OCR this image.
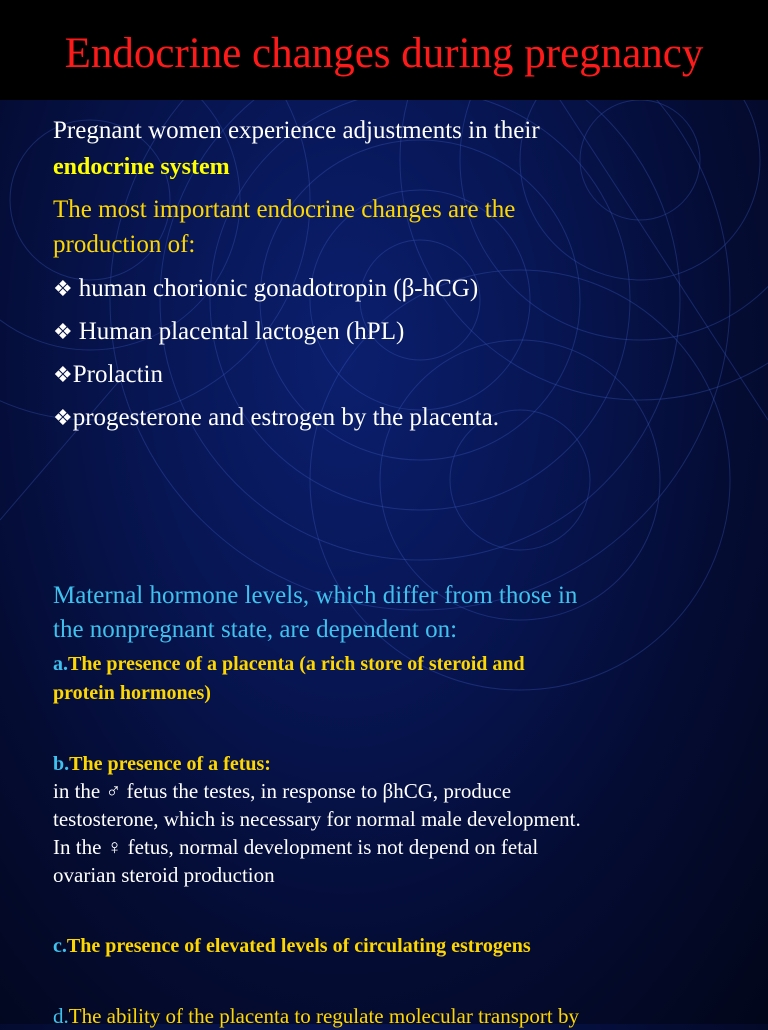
Endocrine changes during pregnancy
Pregnant women experience adjustments in their
endocrine system
The most important endocrine changes are the
production of:
❖ human chorionic gonadotropin (β-hCG)
❖ Human placental lactogen (hPL)
❖Prolactin
❖progesterone and estrogen by the placenta.
Maternal hormone levels, which differ from those in
the nonpregnant state, are dependent on:
a.The presence of a placenta (a rich store of steroid and
protein hormones)
b.The presence of a fetus:
in the ♂ fetus the testes, in response to βhCG, produce
testosterone, which is necessary for normal male development.
In the ♀ fetus, normal development is not depend on fetal
ovarian steroid production
c.The presence of elevated levels of circulating estrogens
d.The ability of the placenta to regulate molecular transport by
